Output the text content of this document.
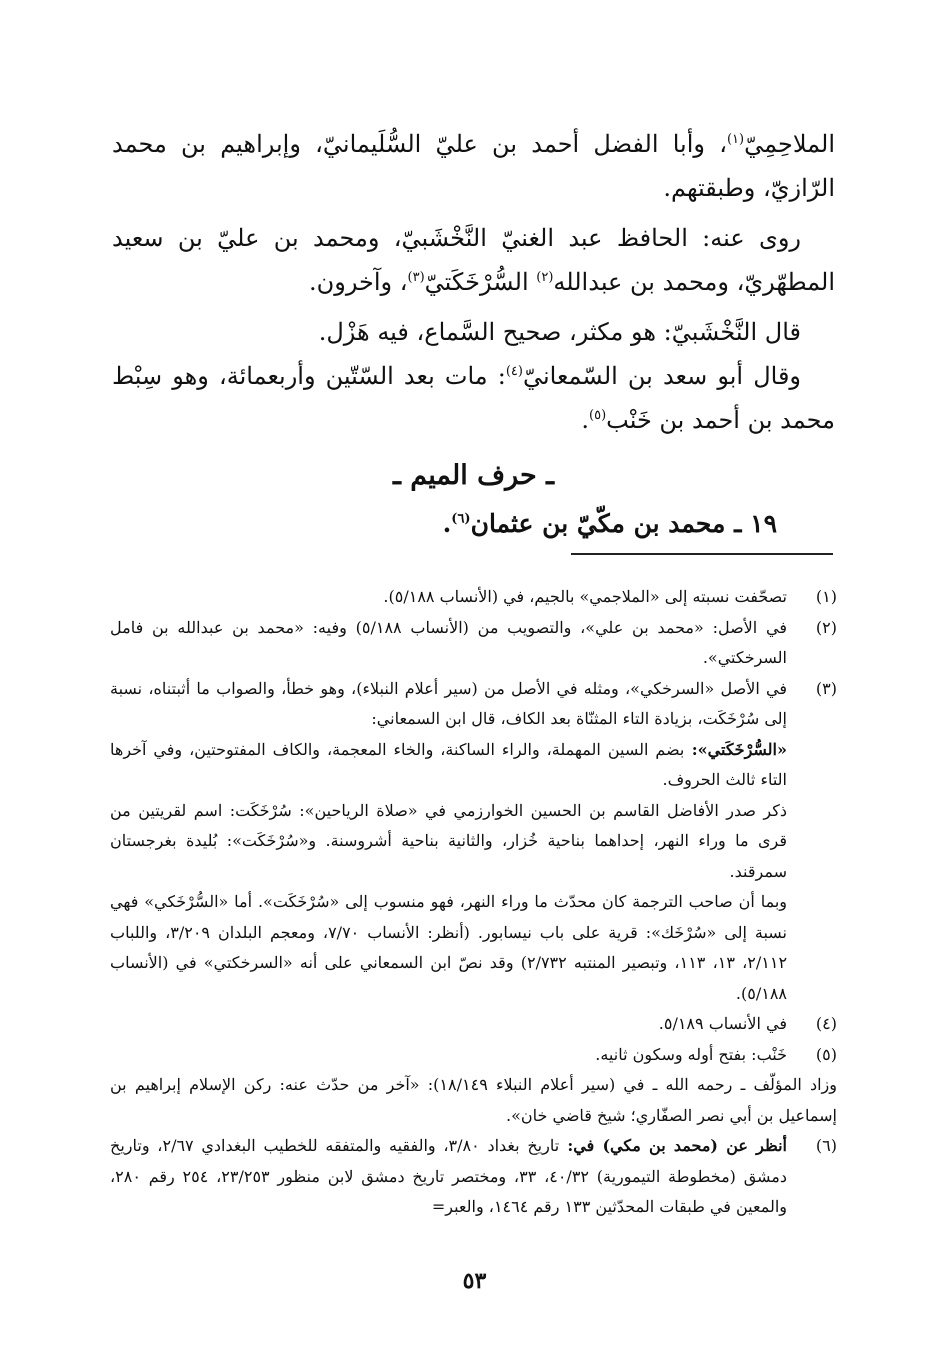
الملاحِمِيّ$^{(١)}$، وأبا الفضل أحمد بن عليّ السُّلَيمانيّ، وإبراهيم بن محمد الرّازيّ، وطبقتهم.

روى عنه: الحافظ عبد الغنيّ النَّخْشَبيّ، ومحمد بن عليّ بن سعيد المطهّريّ، ومحمد بن عبدالله$^{(٢)}$ السُّرْخَكَتيّ$^{(٣)}$، وآخرون.

قال النَّخْشَبيّ: هو مكثر، صحيح السَّماع، فيه هَزْل.

وقال أبو سعد بن السّمعانيّ$^{(٤)}$: مات بعد السّتّين وأربعمائة، وهو سِبْط محمد بن أحمد بن خَنْب$^{(٥)}$.

ـ حرف الميم ـ

١٩ ـ محمد بن مكّيّ بن عثمان$^{(٦)}$.

(١)
تصحّفت نسبته إلى «الملاجمي» بالجيم، في (الأنساب ٥/١٨٨).
(٢)
في الأصل: «محمد بن علي»، والتصويب من (الأنساب ٥/١٨٨) وفيه: «محمد بن عبدالله بن فامل السرخكتي».
(٣)
في الأصل «السرخكي»، ومثله في الأصل من (سير أعلام النبلاء)، وهو خطأ، والصواب ما أثبتناه، نسبة إلى سُرْخَكَت، بزيادة التاء المثنّاة بعد الكاف، قال ابن السمعاني:
«السُّرْخَكَتي»: بضم السين المهملة، والراء الساكنة، والخاء المعجمة، والكاف المفتوحتين، وفي آخرها التاء ثالث الحروف.
ذكر صدر الأفاضل القاسم بن الحسين الخوارزمي في «صلاة الرياحين»: سُرْخَكَت: اسم لقريتين من قرى ما وراء النهر، إحداهما بناحية خُزار، والثانية بناحية أشروسنة. و«سُرْخَكَت»: بُليدة بغرجستان سمرقند.
وبما أن صاحب الترجمة كان محدّث ما وراء النهر، فهو منسوب إلى «سُرْخَكَت». أما «السُّرْخَكي» فهي نسبة إلى «سُرْخَك»: قرية على باب نيسابور. (أنظر: الأنساب ٧/٧٠، ومعجم البلدان ٣/٢٠٩، واللباب ٢/١١٢، ١٣، ١١٣، وتبصير المنتبه ٢/٧٣٢) وقد نصّ ابن السمعاني على أنه «السرخكتي» في (الأنساب ٥/١٨٨).
(٤)
في الأنساب ٥/١٨٩.
(٥)
خَنْب: بفتح أوله وسكون ثانيه.
وزاد المؤلّف ـ رحمه الله ـ في (سير أعلام النبلاء ١٨/١٤٩): «آخر من حدّث عنه: ركن الإسلام إبراهيم بن إسماعيل بن أبي نصر الصفّاري؛ شيخ قاضي خان».
(٦)
أنظر عن (محمد بن مكي) في: تاريخ بغداد ٣/٨٠، والفقيه والمتفقه للخطيب البغدادي ٢/٦٧، وتاريخ دمشق (مخطوطة التيمورية) ٤٠/٣٢، ٣٣، ومختصر تاريخ دمشق لابن منظور ٢٣/٢٥٣، ٢٥٤ رقم ٢٨٠، والمعين في طبقات المحدّثين ١٣٣ رقم ١٤٦٤، والعبر=
٥٣
